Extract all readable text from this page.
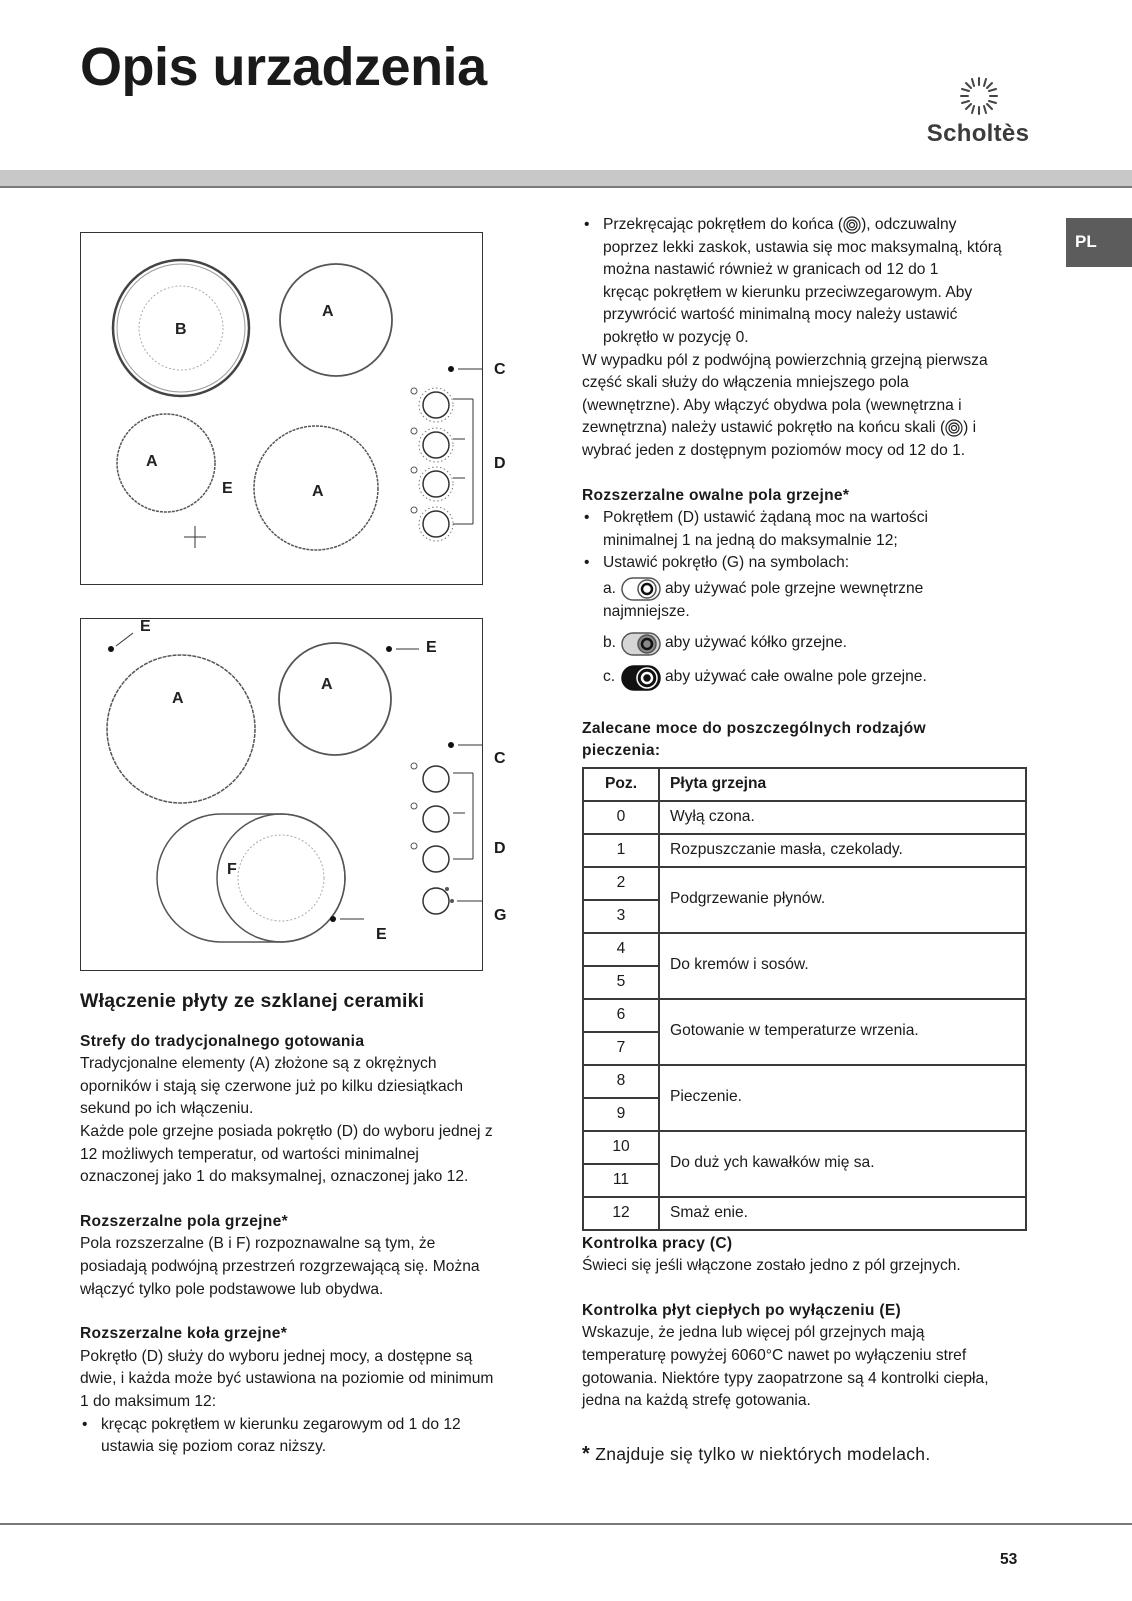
Opis urzadzenia
Scholtès
PL
B
A
A
A
E
C
D
A
A
F
E
E
C
D
G
E
Włączenie płyty ze szklanej ceramiki
Strefy do tradycjonalnego gotowania
Tradycjonalne elementy (A) złożone są z okrężnych
oporników i stają się czerwone już po kilku dziesiątkach
sekund po ich włączeniu.
Każde pole grzejne posiada pokrętło (D) do wyboru jednej z
12 możliwych temperatur, od wartości minimalnej
oznaczonej jako 1 do maksymalnej, oznaczonej jako 12.
Rozszerzalne pola grzejne*
Pola rozszerzalne (B i F) rozpoznawalne są tym, że
posiadają podwójną przestrzeń rozgrzewającą się. Można
włączyć tylko pole podstawowe lub obydwa.
Rozszerzalne koła grzejne*
Pokrętło (D) służy do wyboru jednej mocy, a dostępne są
dwie, i każda może być ustawiona na poziomie od minimum
1 do maksimum 12:
• kręcąc pokrętłem w kierunku zegarowym od 1 do 12
ustawia się poziom coraz niższy.
• Przekręcając pokrętłem do końca ( ), odczuwalny
poprzez lekki zaskok, ustawia się moc maksymalną, którą
można nastawić również w granicach od 12 do 1
kręcąc pokrętłem w kierunku przeciwzegarowym. Aby
przywrócić wartość minimalną mocy należy ustawić
pokrętło w pozycję 0.
W wypadku pól z podwójną powierzchnią grzejną pierwsza
część skali służy do włączenia mniejszego pola
(wewnętrzne). Aby włączyć obydwa pola (wewnętrzna i
zewnętrzna) należy ustawić pokrętło na końcu skali ( ) i
wybrać jeden z dostępnym poziomów mocy od 12 do 1.
Rozszerzalne owalne pola grzejne*
• Pokrętłem (D) ustawić żądaną moc na wartości
minimalnej 1 na jedną do maksymalnie 12;
• Ustawić pokrętło (G) na symbolach:
a.	aby używać pole grzejne wewnętrzne
najmniejsze.
b.	aby używać kółko grzejne.
c.	aby używać całe owalne pole grzejne.
Zalecane moce do poszczególnych rodzajów
pieczenia:
Poz.	Płyta grzejna
0	Wyłą czona.
1	Rozpuszczanie masła, czekolady.
2	Podgrzewanie płynów.
3	
4	Do kremów i sosów.
5	
6	Gotowanie w temperaturze wrzenia.
7	
8	Pieczenie.
9	
10	Do duż ych kawałków mię sa.
11	
12	Smaż enie.
Kontrolka pracy (C)
Świeci się jeśli włączone zostało jedno z pól grzejnych.
Kontrolka płyt ciepłych po wyłączeniu (E)
Wskazuje, że jedna lub więcej pól grzejnych mają
temperaturę powyżej 6060°C nawet po wyłączeniu stref
gotowania. Niektóre typy zaopatrzone są 4 kontrolki ciepła,
jedna na każdą strefę gotowania.
* Znajduje się tylko w niektórych modelach.
53
